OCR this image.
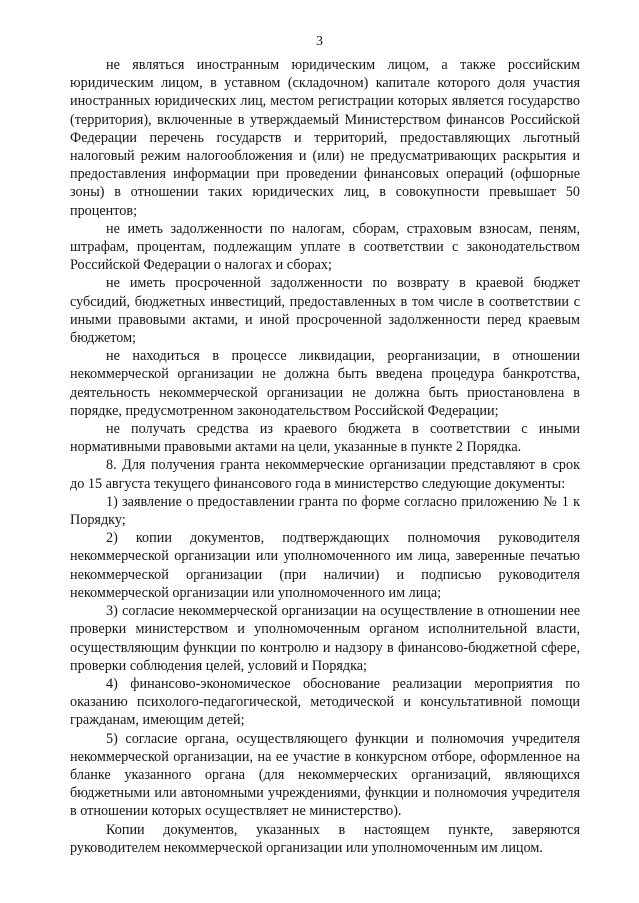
3

не являться иностранным юридическим лицом, а также российским юридическим лицом, в уставном (складочном) капитале которого доля участия иностранных юридических лиц, местом регистрации которых является государство (территория), включенные в утверждаемый Министерством финансов Российской Федерации перечень государств и территорий, предоставляющих льготный налоговый режим налогообложения и (или) не предусматривающих раскрытия и предоставления информации при проведении финансовых операций (офшорные зоны) в отношении таких юридических лиц, в совокупности превышает 50 процентов;

не иметь задолженности по налогам, сборам, страховым взносам, пеням, штрафам, процентам, подлежащим уплате в соответствии с законодательством Российской Федерации о налогах и сборах;

не иметь просроченной задолженности по возврату в краевой бюджет субсидий, бюджетных инвестиций, предоставленных в том числе в соответствии с иными правовыми актами, и иной просроченной задолженности перед краевым бюджетом;

не находиться в процессе ликвидации, реорганизации, в отношении некоммерческой организации не должна быть введена процедура банкротства, деятельность некоммерческой организации не должна быть приостановлена в порядке, предусмотренном законодательством Российской Федерации;

не получать средства из краевого бюджета в соответствии с иными нормативными правовыми актами на цели, указанные в пункте 2 Порядка.

8. Для получения гранта некоммерческие организации представляют в срок до 15 августа текущего финансового года в министерство следующие документы:

1) заявление о предоставлении гранта по форме согласно приложению № 1 к Порядку;

2) копии документов, подтверждающих полномочия руководителя некоммерческой организации или уполномоченного им лица, заверенные печатью некоммерческой организации (при наличии) и подписью руководителя некоммерческой организации или уполномоченного им лица;

3) согласие некоммерческой организации на осуществление в отношении нее проверки министерством и уполномоченным органом исполнительной власти, осуществляющим функции по контролю и надзору в финансово-бюджетной сфере, проверки соблюдения целей, условий и Порядка;

4) финансово-экономическое обоснование реализации мероприятия по оказанию психолого-педагогической, методической и консультативной помощи гражданам, имеющим детей;

5) согласие органа, осуществляющего функции и полномочия учредителя некоммерческой организации, на ее участие в конкурсном отборе, оформленное на бланке указанного органа (для некоммерческих организаций, являющихся бюджетными или автономными учреждениями, функции и полномочия учредителя в отношении которых осуществляет не министерство).

Копии документов, указанных в настоящем пункте, заверяются руководителем некоммерческой организации или уполномоченным им лицом.
